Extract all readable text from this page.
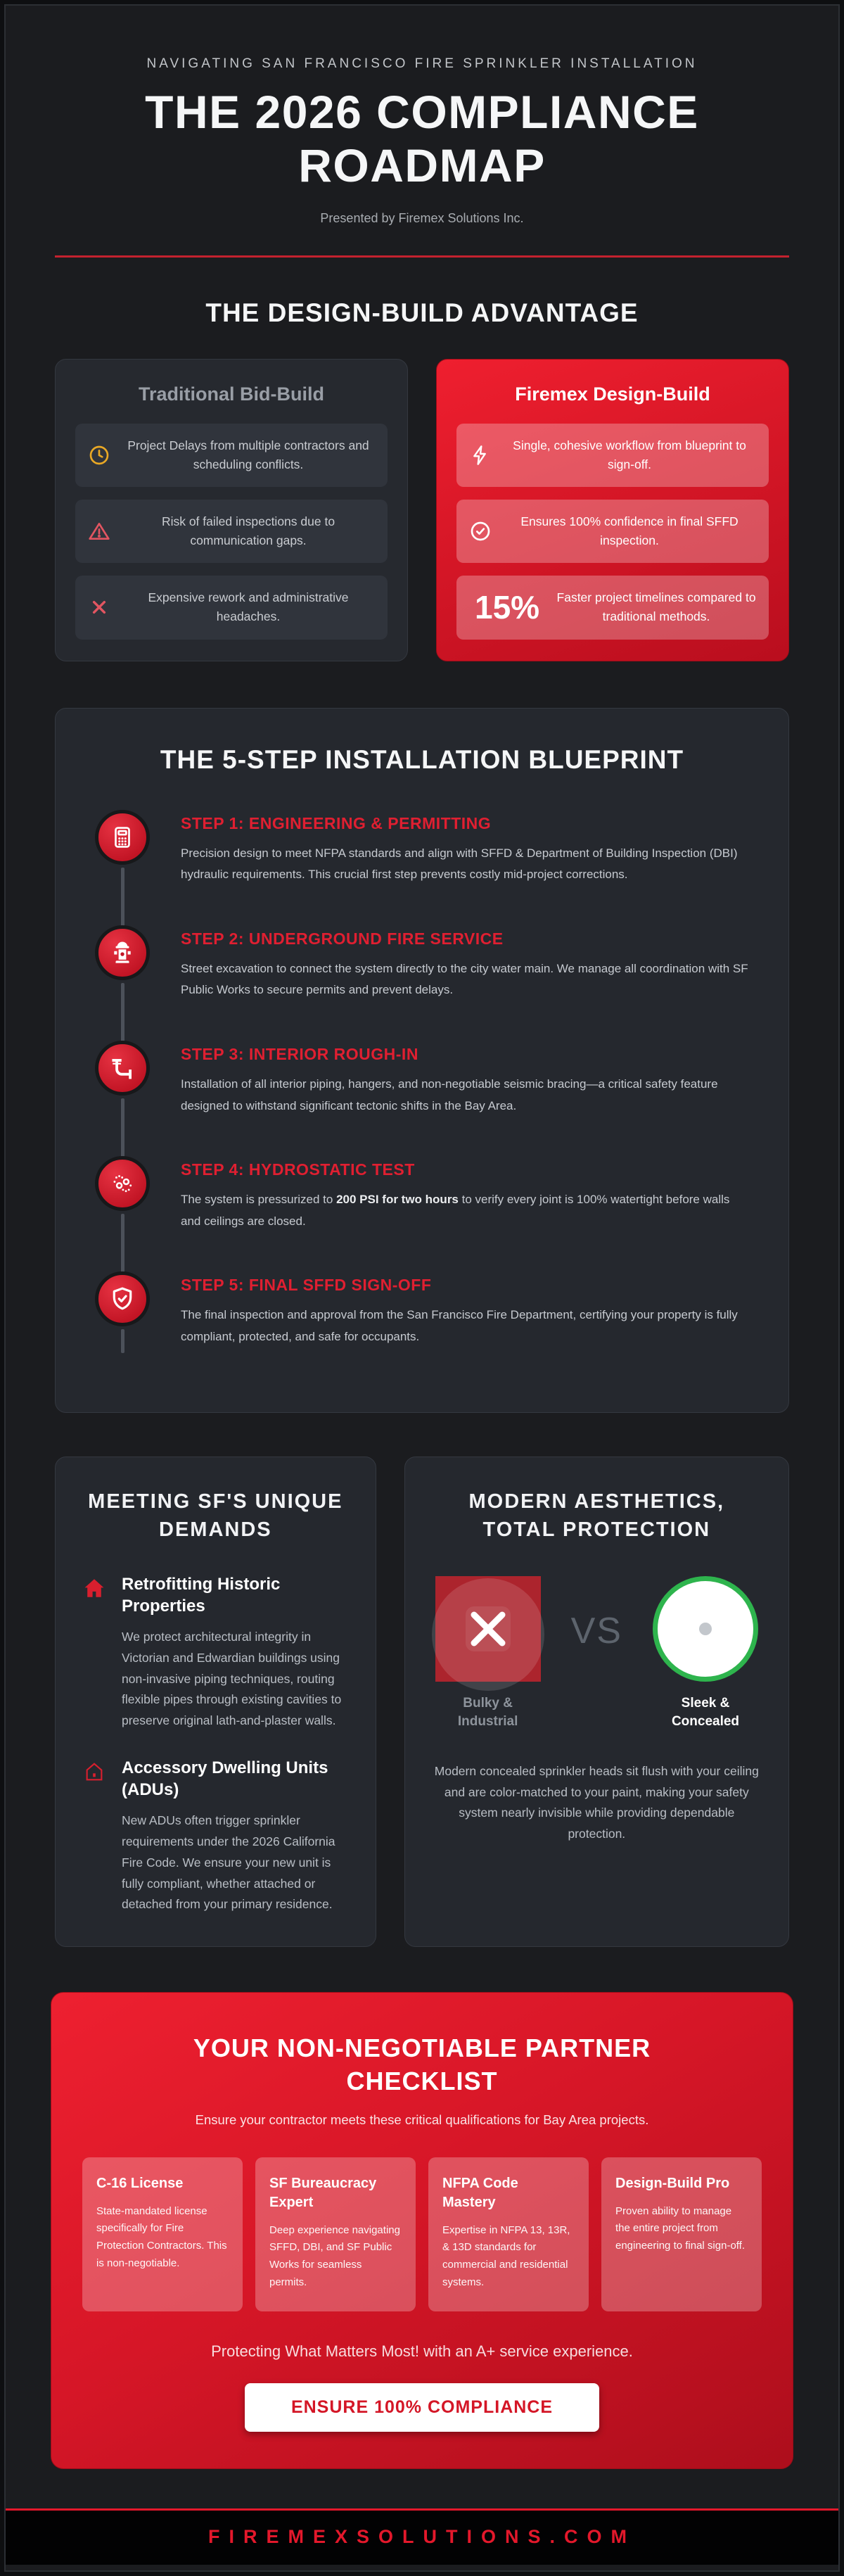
NAVIGATING SAN FRANCISCO FIRE SPRINKLER INSTALLATION
THE 2026 COMPLIANCE ROADMAP
Presented by Firemex Solutions Inc.
THE DESIGN-BUILD ADVANTAGE
Traditional Bid-Build
Project Delays from multiple contractors and scheduling conflicts.
Risk of failed inspections due to communication gaps.
Expensive rework and administrative headaches.
Firemex Design-Build
Single, cohesive workflow from blueprint to sign-off.
Ensures 100% confidence in final SFFD inspection.
15%	Faster project timelines compared to traditional methods.
THE 5-STEP INSTALLATION BLUEPRINT
STEP 1: ENGINEERING & PERMITTING
Precision design to meet NFPA standards and align with SFFD & Department of Building Inspection (DBI) hydraulic requirements. This crucial first step prevents costly mid-project corrections.
STEP 2: UNDERGROUND FIRE SERVICE
Street excavation to connect the system directly to the city water main. We manage all coordination with SF Public Works to secure permits and prevent delays.
STEP 3: INTERIOR ROUGH-IN
Installation of all interior piping, hangers, and non-negotiable seismic bracing—a critical safety feature designed to withstand significant tectonic shifts in the Bay Area.
STEP 4: HYDROSTATIC TEST
The system is pressurized to 200 PSI for two hours to verify every joint is 100% watertight before walls and ceilings are closed.
STEP 5: FINAL SFFD SIGN-OFF
The final inspection and approval from the San Francisco Fire Department, certifying your property is fully compliant, protected, and safe for occupants.
MEETING SF'S UNIQUE DEMANDS
Retrofitting Historic Properties
We protect architectural integrity in Victorian and Edwardian buildings using non-invasive piping techniques, routing flexible pipes through existing cavities to preserve original lath-and-plaster walls.
Accessory Dwelling Units (ADUs)
New ADUs often trigger sprinkler requirements under the 2026 California Fire Code. We ensure your new unit is fully compliant, whether attached or detached from your primary residence.
MODERN AESTHETICS, TOTAL PROTECTION
Bulky & Industrial
VS
Sleek & Concealed
Modern concealed sprinkler heads sit flush with your ceiling and are color-matched to your paint, making your safety system nearly invisible while providing dependable protection.
YOUR NON-NEGOTIABLE PARTNER CHECKLIST
Ensure your contractor meets these critical qualifications for Bay Area projects.
C-16 License
State-mandated license specifically for Fire Protection Contractors. This is non-negotiable.
SF Bureaucracy Expert
Deep experience navigating SFFD, DBI, and SF Public Works for seamless permits.
NFPA Code Mastery
Expertise in NFPA 13, 13R, & 13D standards for commercial and residential systems.
Design-Build Pro
Proven ability to manage the entire project from engineering to final sign-off.
Protecting What Matters Most! with an A+ service experience.
ENSURE 100% COMPLIANCE
FIREMEXSOLUTIONS.COM
